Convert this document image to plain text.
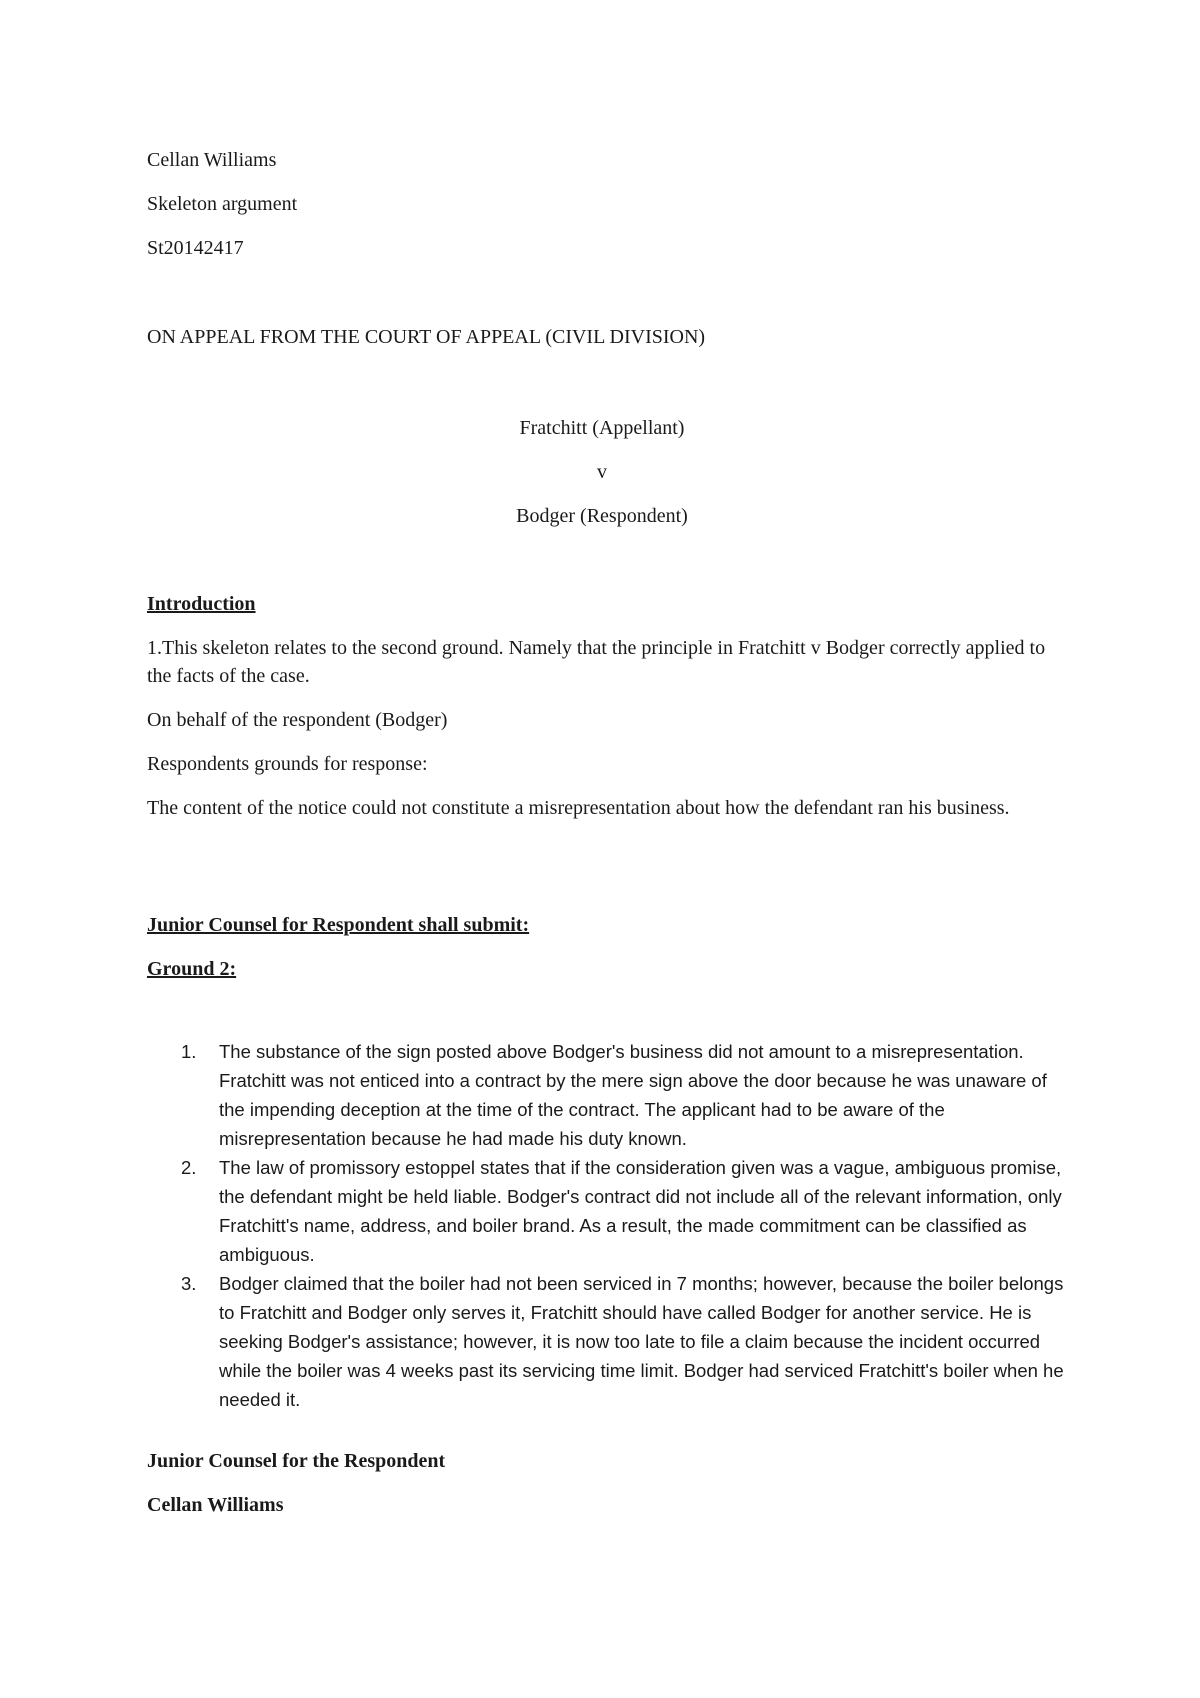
Cellan Williams

Skeleton argument

St20142417

ON APPEAL FROM THE COURT OF APPEAL (CIVIL DIVISION)

Fratchitt (Appellant)

v

Bodger (Respondent)

Introduction

1.This skeleton relates to the second ground. Namely that the principle in Fratchitt v Bodger correctly applied to the facts of the case.

On behalf of the respondent (Bodger)

Respondents grounds for response:

The content of the notice could not constitute a misrepresentation about how the defendant ran his business.

Junior Counsel for Respondent shall submit:

Ground 2:

1. The substance of the sign posted above Bodger's business did not amount to a misrepresentation. Fratchitt was not enticed into a contract by the mere sign above the door because he was unaware of the impending deception at the time of the contract. The applicant had to be aware of the misrepresentation because he had made his duty known.
2. The law of promissory estoppel states that if the consideration given was a vague, ambiguous promise, the defendant might be held liable. Bodger's contract did not include all of the relevant information, only Fratchitt's name, address, and boiler brand. As a result, the made commitment can be classified as ambiguous.
3. Bodger claimed that the boiler had not been serviced in 7 months; however, because the boiler belongs to Fratchitt and Bodger only serves it, Fratchitt should have called Bodger for another service. He is seeking Bodger's assistance; however, it is now too late to file a claim because the incident occurred while the boiler was 4 weeks past its servicing time limit. Bodger had serviced Fratchitt's boiler when he needed it.

Junior Counsel for the Respondent

Cellan Williams
